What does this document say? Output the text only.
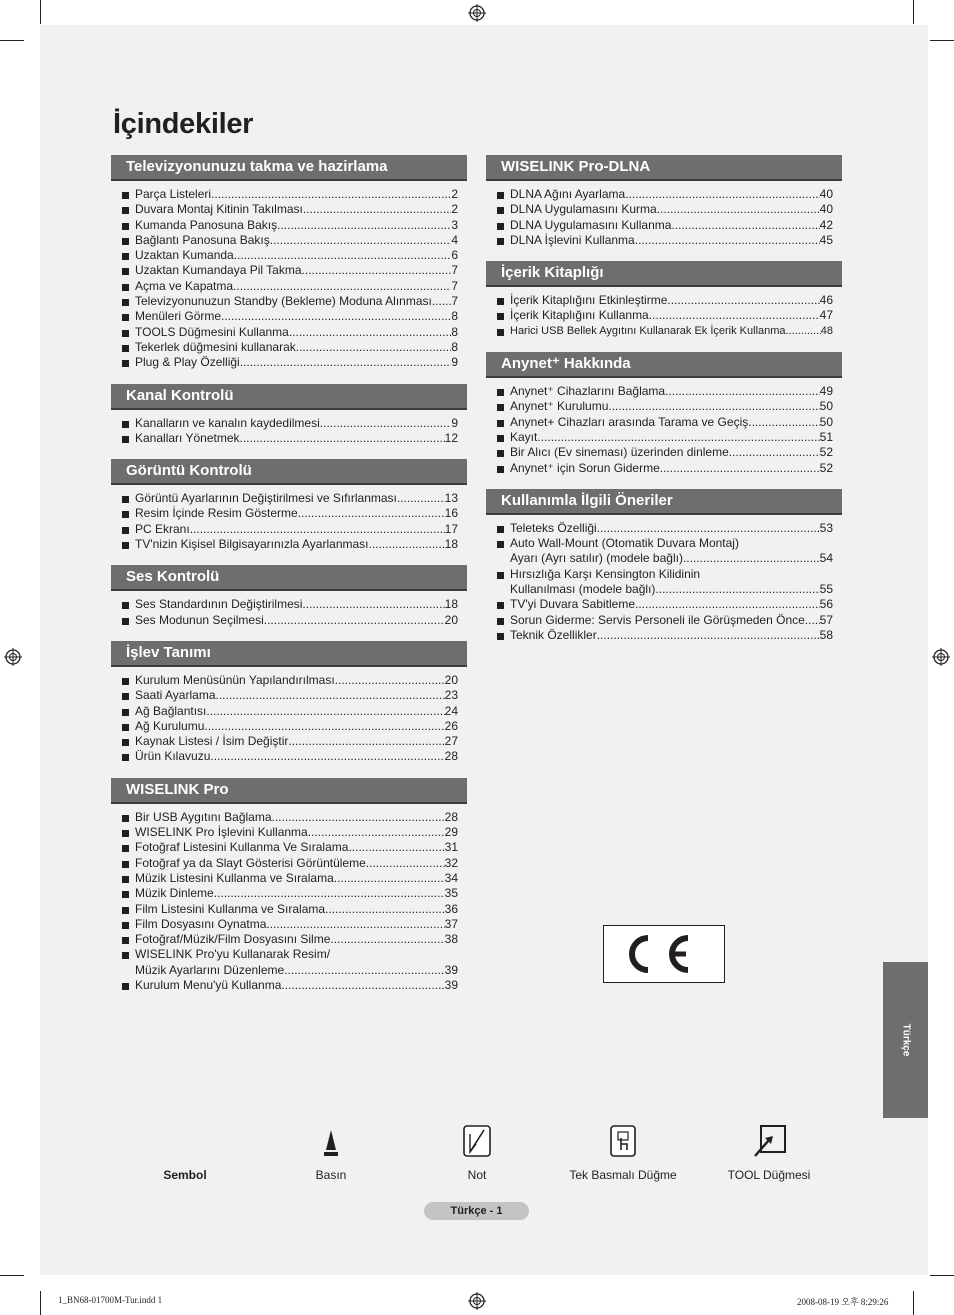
İçindekiler
Televizyonunuzu takma ve hazirlama
Parça Listeleri .....	2
Duvara Montaj Kitinin Takılması .....	2
Kumanda Panosuna Bakış .....	3
Bağlantı Panosuna Bakış .....	4
Uzaktan Kumanda .....	6
Uzaktan Kumandaya Pil Takma .....	7
Açma ve Kapatma .....	7
Televizyonunuzun Standby (Bekleme) Moduna Alınması ..... 7
Menüleri Görme .....	8
TOOLS Düğmesini Kullanma .....	8
Tekerlek düğmesini kullanarak .....	8
Plug & Play Özelliği .....	9
Kanal Kontrolü
Kanalların ve kanalın kaydedilmesi .....	9
Kanalları Yönetmek .....	12
Görüntü Kontrolü
Görüntü Ayarlarının Değiştirilmesi ve Sıfırlanması .....	13
Resim İçinde Resim Gösterme .....	16
PC Ekranı .....	17
TV'nizin Kişisel Bilgisayarınızla Ayarlanması .....	18
Ses Kontrolü
Ses Standardının Değiştirilmesi .....	18
Ses Modunun Seçilmesi .....	20
İşlev Tanımı
Kurulum Menüsünün Yapılandırılması .....	20
Saati Ayarlama .....	23
Ağ Bağlantısı .....	24
Ağ Kurulumu .....	26
Kaynak Listesi / İsim Değiştir .....	27
Ürün Kılavuzu .....	28
WISELINK Pro
Bir USB Aygıtını Bağlama .....	28
WISELINK Pro İşlevini Kullanma .....	29
Fotoğraf Listesini Kullanma Ve Sıralama .....	31
Fotoğraf ya da Slayt Gösterisi Görüntüleme .....	32
Müzik Listesini Kullanma ve Sıralama .....	34
Müzik Dinleme .....	35
Film Listesini Kullanma ve Sıralama .....	36
Film Dosyasını Oynatma .....	37
Fotoğraf/Müzik/Film Dosyasını Silme .....	38
WISELINK Pro'yu Kullanarak Resim/
Müzik Ayarlarını Düzenleme .....	39
Kurulum Menu'yü Kullanma .....	39
WISELINK Pro-DLNA
DLNA Ağını Ayarlama .....	40
DLNA Uygulamasını Kurma .....	40
DLNA Uygulamasını Kullanma .....	42
DLNA İşlevini Kullanma .....	45
İçerik Kitaplığı
İçerik Kitaplığını Etkinleştirme .....	46
İçerik Kitaplığını Kullanma .....	47
Harici USB Bellek Aygıtını Kullanarak Ek İçerik Kullanma .....	48
Anynet⁺ Hakkında
Anynet⁺ Cihazlarını Bağlama .....	49
Anynet⁺ Kurulumu .....	50
Anynet+ Cihazları arasında Tarama ve Geçiş .....	50
Kayıt .....	51
Bir Alıcı (Ev sineması) üzerinden dinleme .....	52
Anynet⁺ için Sorun Giderme .....	52
Kullanımla İlgili Öneriler
Teleteks Özelliği .....	53
Auto Wall-Mount (Otomatik Duvara Montaj)
Ayarı (Ayrı satılır) (modele bağlı) .....	54
Hırsızlığa Karşı Kensington Kilidinin
Kullanılması (modele bağlı) .....	55
TV'yi Duvara Sabitleme .....	56
Sorun Giderme: Servis Personeli ile Görüşmeden Önce ..... 57
Teknik Özellikler .....	58
Türkçe
Sembol	Basın	Not	Tek Basmalı Düğme	TOOL Düğmesi
Türkçe - 1
1_BN68-01700M-Tur.indd 1	2008-08-19 오후 8:29:26
